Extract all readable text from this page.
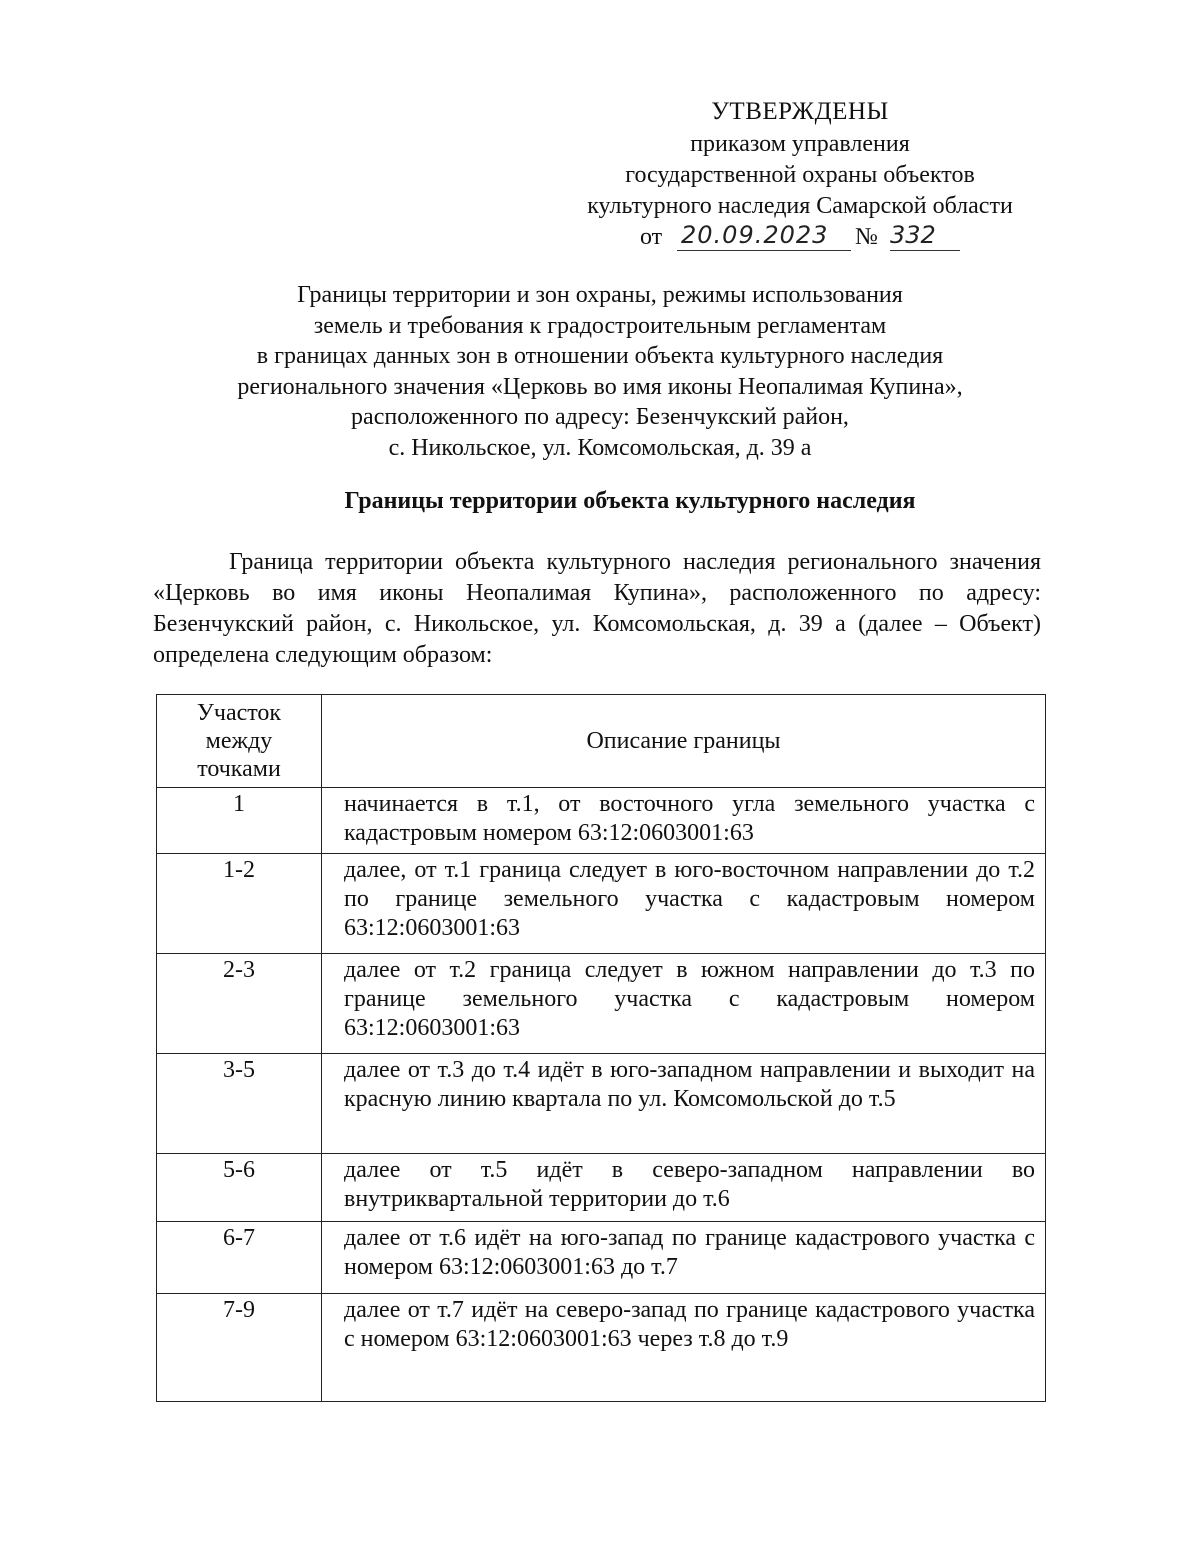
УТВЕРЖДЕНЫ
приказом управления
государственной охраны объектов
культурного наследия Самарской области
от 20.09.2023	№ 332
Границы территории и зон охраны, режимы использования
земель и требования к градостроительным регламентам
в границах данных зон в отношении объекта культурного наследия
регионального значения «Церковь во имя иконы Неопалимая Купина»,
расположенного по адресу: Безенчукский район,
с. Никольское, ул. Комсомольская, д. 39 а
Границы территории объекта культурного наследия

Граница территории объекта культурного наследия регионального значения «Церковь во имя иконы Неопалимая Купина», расположенного по адресу: Безенчукский район, с. Никольское, ул. Комсомольская, д. 39 а (далее – Объект) определена следующим образом:

Участок между точками	Описание границы
1	начинается в т.1, от восточного угла земельного участка с кадастровым номером 63:12:0603001:63
1-2	далее, от т.1 граница следует в юго-восточном направлении до т.2 по границе земельного участка с кадастровым номером 63:12:0603001:63
2-3	далее от т.2 граница следует в южном направлении до т.3 по границе земельного участка с кадастровым номером 63:12:0603001:63
3-5	далее от т.3 до т.4 идёт в юго-западном направлении и выходит на красную линию квартала по ул. Комсомольской до т.5
5-6	далее от т.5 идёт в северо-западном направлении во внутриквартальной территории до т.6
6-7	далее от т.6 идёт на юго-запад по границе кадастрового участка с номером 63:12:0603001:63 до т.7
7-9	далее от т.7 идёт на северо-запад по границе кадастрового участка с номером 63:12:0603001:63 через т.8 до т.9
